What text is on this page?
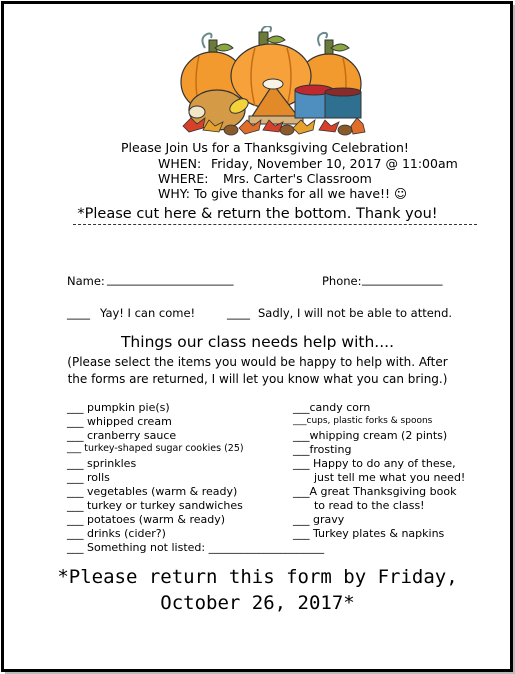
Please Join Us for a Thanksgiving Celebration!
WHEN: Friday, November 10, 2017 @ 11:00am
WHERE: Mrs. Carter's Classroom
WHY: To give thanks for all we have!! ☺
*Please cut here & return the bottom. Thank you!
Name: ______________________	Phone: ______________
____ Yay! I can come!	____ Sadly, I will not be able to attend.
Things our class needs help with....
(Please select the items you would be happy to help with. After
the forms are returned, I will let you know what you can bring.)
___ pumpkin pie(s)
___ whipped cream
___ cranberry sauce
___ turkey-shaped sugar cookies (25)
___ sprinkles
___ rolls
___ vegetables (warm & ready)
___ turkey or turkey sandwiches
___ potatoes (warm & ready)
___ drinks (cider?)
___ Something not listed: _____________________
___candy corn
___cups, plastic forks & spoons
___whipping cream (2 pints)
___frosting
___ Happy to do any of these,
just tell me what you need!
___A great Thanksgiving book
to read to the class!
___ gravy
___ Turkey plates & napkins
*Please return this form by Friday,
October 26, 2017*
